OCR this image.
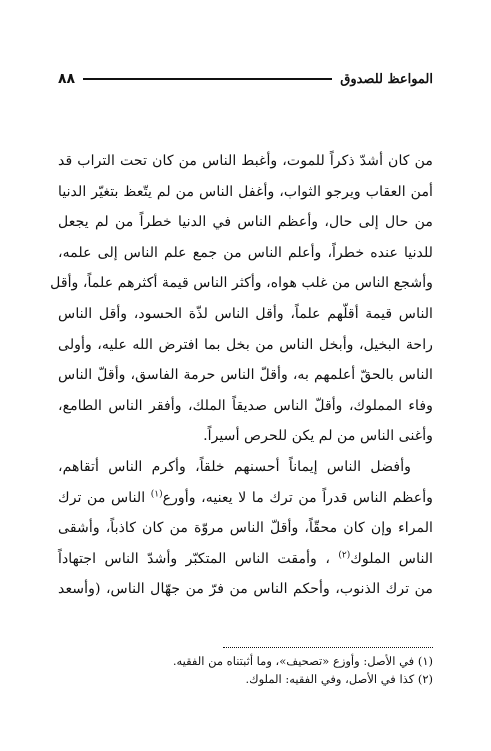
المواعظ للصدوق
٨٨

من كان أشدّ ذكراً للموت، وأغبط الناس من كان تحت التراب قد
أمن العقاب ويرجو الثواب، وأغفل الناس من لم يتّعظ بتغيّر الدنيا
من حال إلى حال، وأعظم الناس في الدنيا خطراً من لم يجعل
للدنيا عنده خطراً، وأعلم الناس من جمع علم الناس إلى علمه،
وأشجع الناس من غلب هواه، وأكثر الناس قيمة أكثرهم علماً، وأقل
الناس قيمة أقلّهم علماً، وأقل الناس لذّة الحسود، وأقل الناس
راحة البخيل، وأبخل الناس من بخل بما افترض الله عليه، وأولى
الناس بالحقّ أعلمهم به، وأقلّ الناس حرمة الفاسق، وأقلّ الناس
وفاء المملوك، وأقلّ الناس صديقاً الملك، وأفقر الناس الطامع،
وأغنى الناس من لم يكن للحرص أسيراً.

وأفضل الناس إيماناً أحسنهم خلقاً، وأكرم الناس أتقاهم،
وأعظم الناس قدراً من ترك ما لا يعنيه، وأورع$^{(١)}$ الناس من ترك
المراء وإن كان محقّاً، وأقلّ الناس مروّة من كان كاذباً، وأشقى
الناس الملوك$^{(٢)}$ ، وأمقت الناس المتكبّر وأشدّ الناس اجتهاداً
من ترك الذنوب، وأحكم الناس من فرّ من جهّال الناس، (وأسعد

(١) في الأصل: وأوزع «تصحيف»، وما أثبتناه من الفقيه.
(٢) كذا في الأصل، وفي الفقيه: الملوك.
